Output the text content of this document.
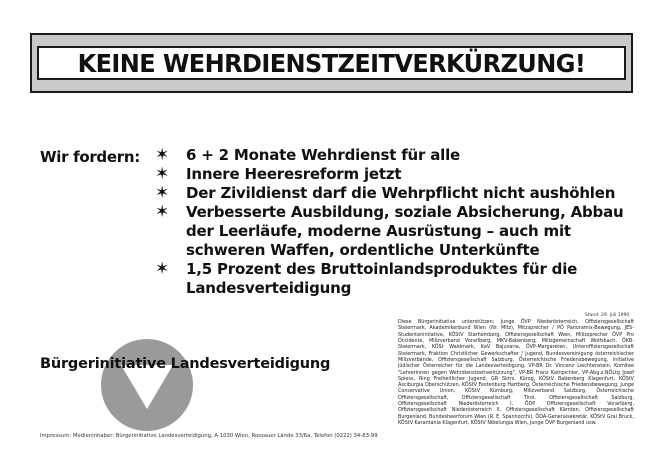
KEINE WEHRDIENSTZEITVERKÜRZUNG!
Wir fordern: ✶	6 + 2 Monate Wehrdienst für alle
✶	Innere Heeresreform jetzt
✶	Der Zivildienst darf die Wehrpflicht nicht aushöhlen
✶	Verbesserte Ausbildung, soziale Absicherung, Abbau der Leerläufe, moderne Ausrüstung – auch mit schweren Waffen, ordentliche Unterkünfte
✶	1,5 Prozent des Bruttoinlandsproduktes für die Landesverteidigung
Stand: 29. Juli 1990
Diese Bürgerinitiative unterstützen: Junge ÖVP Niederösterreich, Offiziersgesellschaft Steiermark, Akademikerbund Wien (Nr. Mitz), Mitzsprecher / PÖ Panoramix-Bewegung, JES-Studentenintiative, KÖStV Starhemberg, Offiziersgesellschaft Wien, Milizsprecher ÖVP Pro Occidente, Milizverband Vorarlberg, MKV-Babenberg, Milizgemeinschaft Wolfsbach, ÖKB-Steiermark, KÖSt Waidmark, KaV Bajuvaria, ÖVP-Margareten, Unteroffiziersgesellschaft Steiermark, Fraktion Christlicher Gewerkschafter / Jugend, Bundesvereinigung österreichischer Milizverbände, Offiziersgesellschaft Salzburg, Österreichische Friedensbewegung, Initiative jüdischer Österreicher für die Landesverteidigung, VP-BR Dr. Vincenz Liechtenstein, Komitee "Lehrerinnen gegen Wehrdienstzeitverkürzung", VP-BR Franz Kampichler, VP-Abg.z.NÖLtg Josef Spiess, Ring Freiheitlicher Jugend, GR Sktrs. Kürog, KÖStV Babenberg Klagenfurt, KÖStV Asciburgia Oberschützen, KÖStV Festenburg Hartberg, Österreichische Friedensbewegung, Junge Conservative Union, KÖStV Kürnburg, Milizverband Salzburg, Österreichische Offiziersgesellschaft, Offiziersgesellschaft Tirol, Offiziersgesellschaft Salzburg, Offiziersgesellschaft Niederösterreich I, ÖDP Offiziersgesellschaft Vorarlberg, Offiziersgesellschaft Niederösterreich II, Offiziersgesellschaft Kärnten, Offiziersgesellschaft Burgenland, Bundesheerforum Wien (R. E. Spannocchi), ÖDA-Generalsekretär, KÖStV Gral Bruck, KÖStV Karantania Klagenfurt, KÖStV Nibelungia Wien, Junge ÖVP Burgenland usw.
Bürgerinitiative Landesverteidigung
Impressum: Medieninhaber: Bürgerinitiative Landesverteidigung, A-1030 Wien, Rossauer Lände 33/6a, Telefon (0222) 34-83-99
